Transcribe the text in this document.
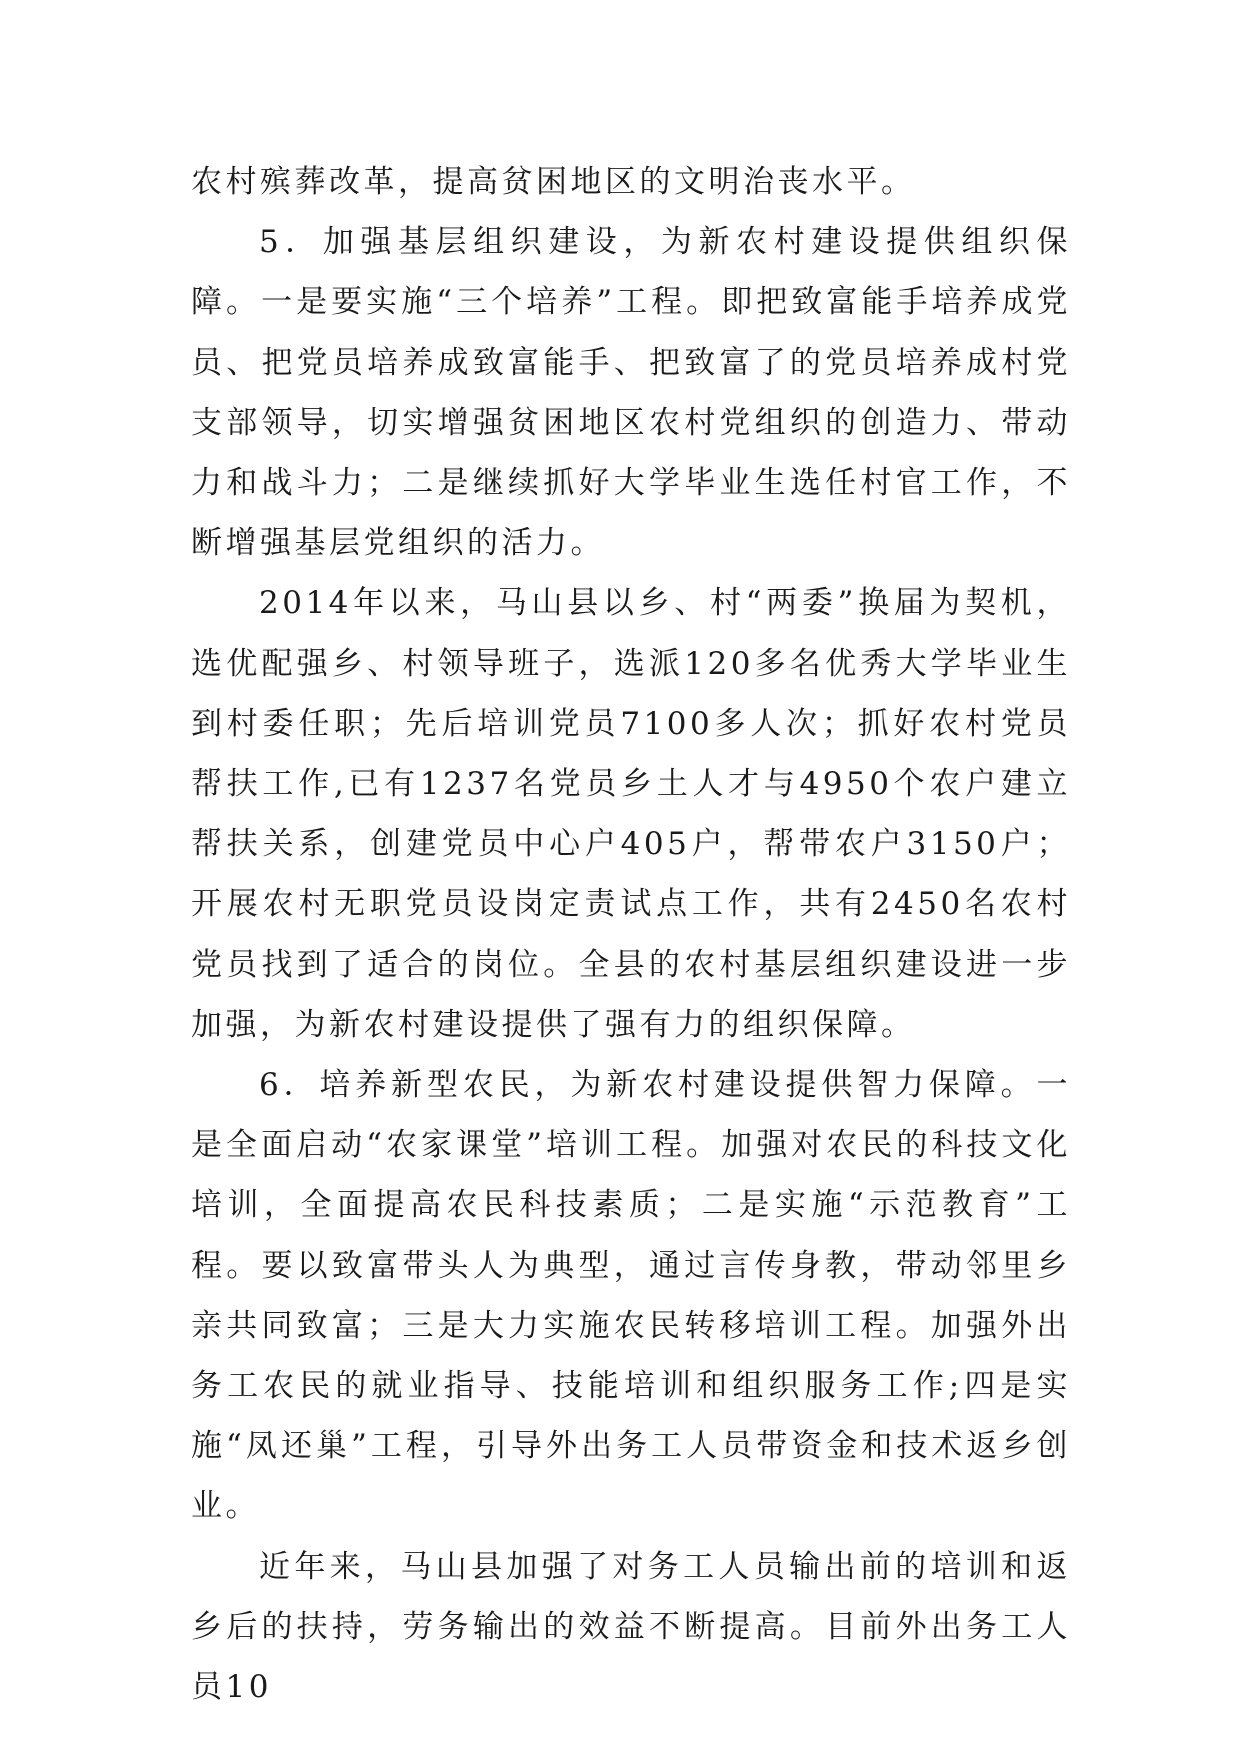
农村殡葬改革，提高贫困地区的文明治丧水平。

5．加强基层组织建设，为新农村建设提供组织保障。一是要实施“三个培养”工程。即把致富能手培养成党员、把党员培养成致富能手、把致富了的党员培养成村党支部领导，切实增强贫困地区农村党组织的创造力、带动力和战斗力；二是继续抓好大学毕业生选任村官工作，不断增强基层党组织的活力。

2014年以来，马山县以乡、村“两委”换届为契机，选优配强乡、村领导班子，选派120多名优秀大学毕业生到村委任职；先后培训党员7100多人次；抓好农村党员帮扶工作,已有1237名党员乡土人才与4950个农户建立帮扶关系，创建党员中心户405户，帮带农户3150户；开展农村无职党员设岗定责试点工作，共有2450名农村党员找到了适合的岗位。全县的农村基层组织建设进一步加强，为新农村建设提供了强有力的组织保障。

6．培养新型农民，为新农村建设提供智力保障。一是全面启动“农家课堂”培训工程。加强对农民的科技文化培训，全面提高农民科技素质；二是实施“示范教育”工程。要以致富带头人为典型，通过言传身教，带动邻里乡亲共同致富；三是大力实施农民转移培训工程。加强外出务工农民的就业指导、技能培训和组织服务工作;四是实施“凤还巢”工程，引导外出务工人员带资金和技术返乡创业。

近年来，马山县加强了对务工人员输出前的培训和返乡后的扶持，劳务输出的效益不断提高。目前外出务工人员10
